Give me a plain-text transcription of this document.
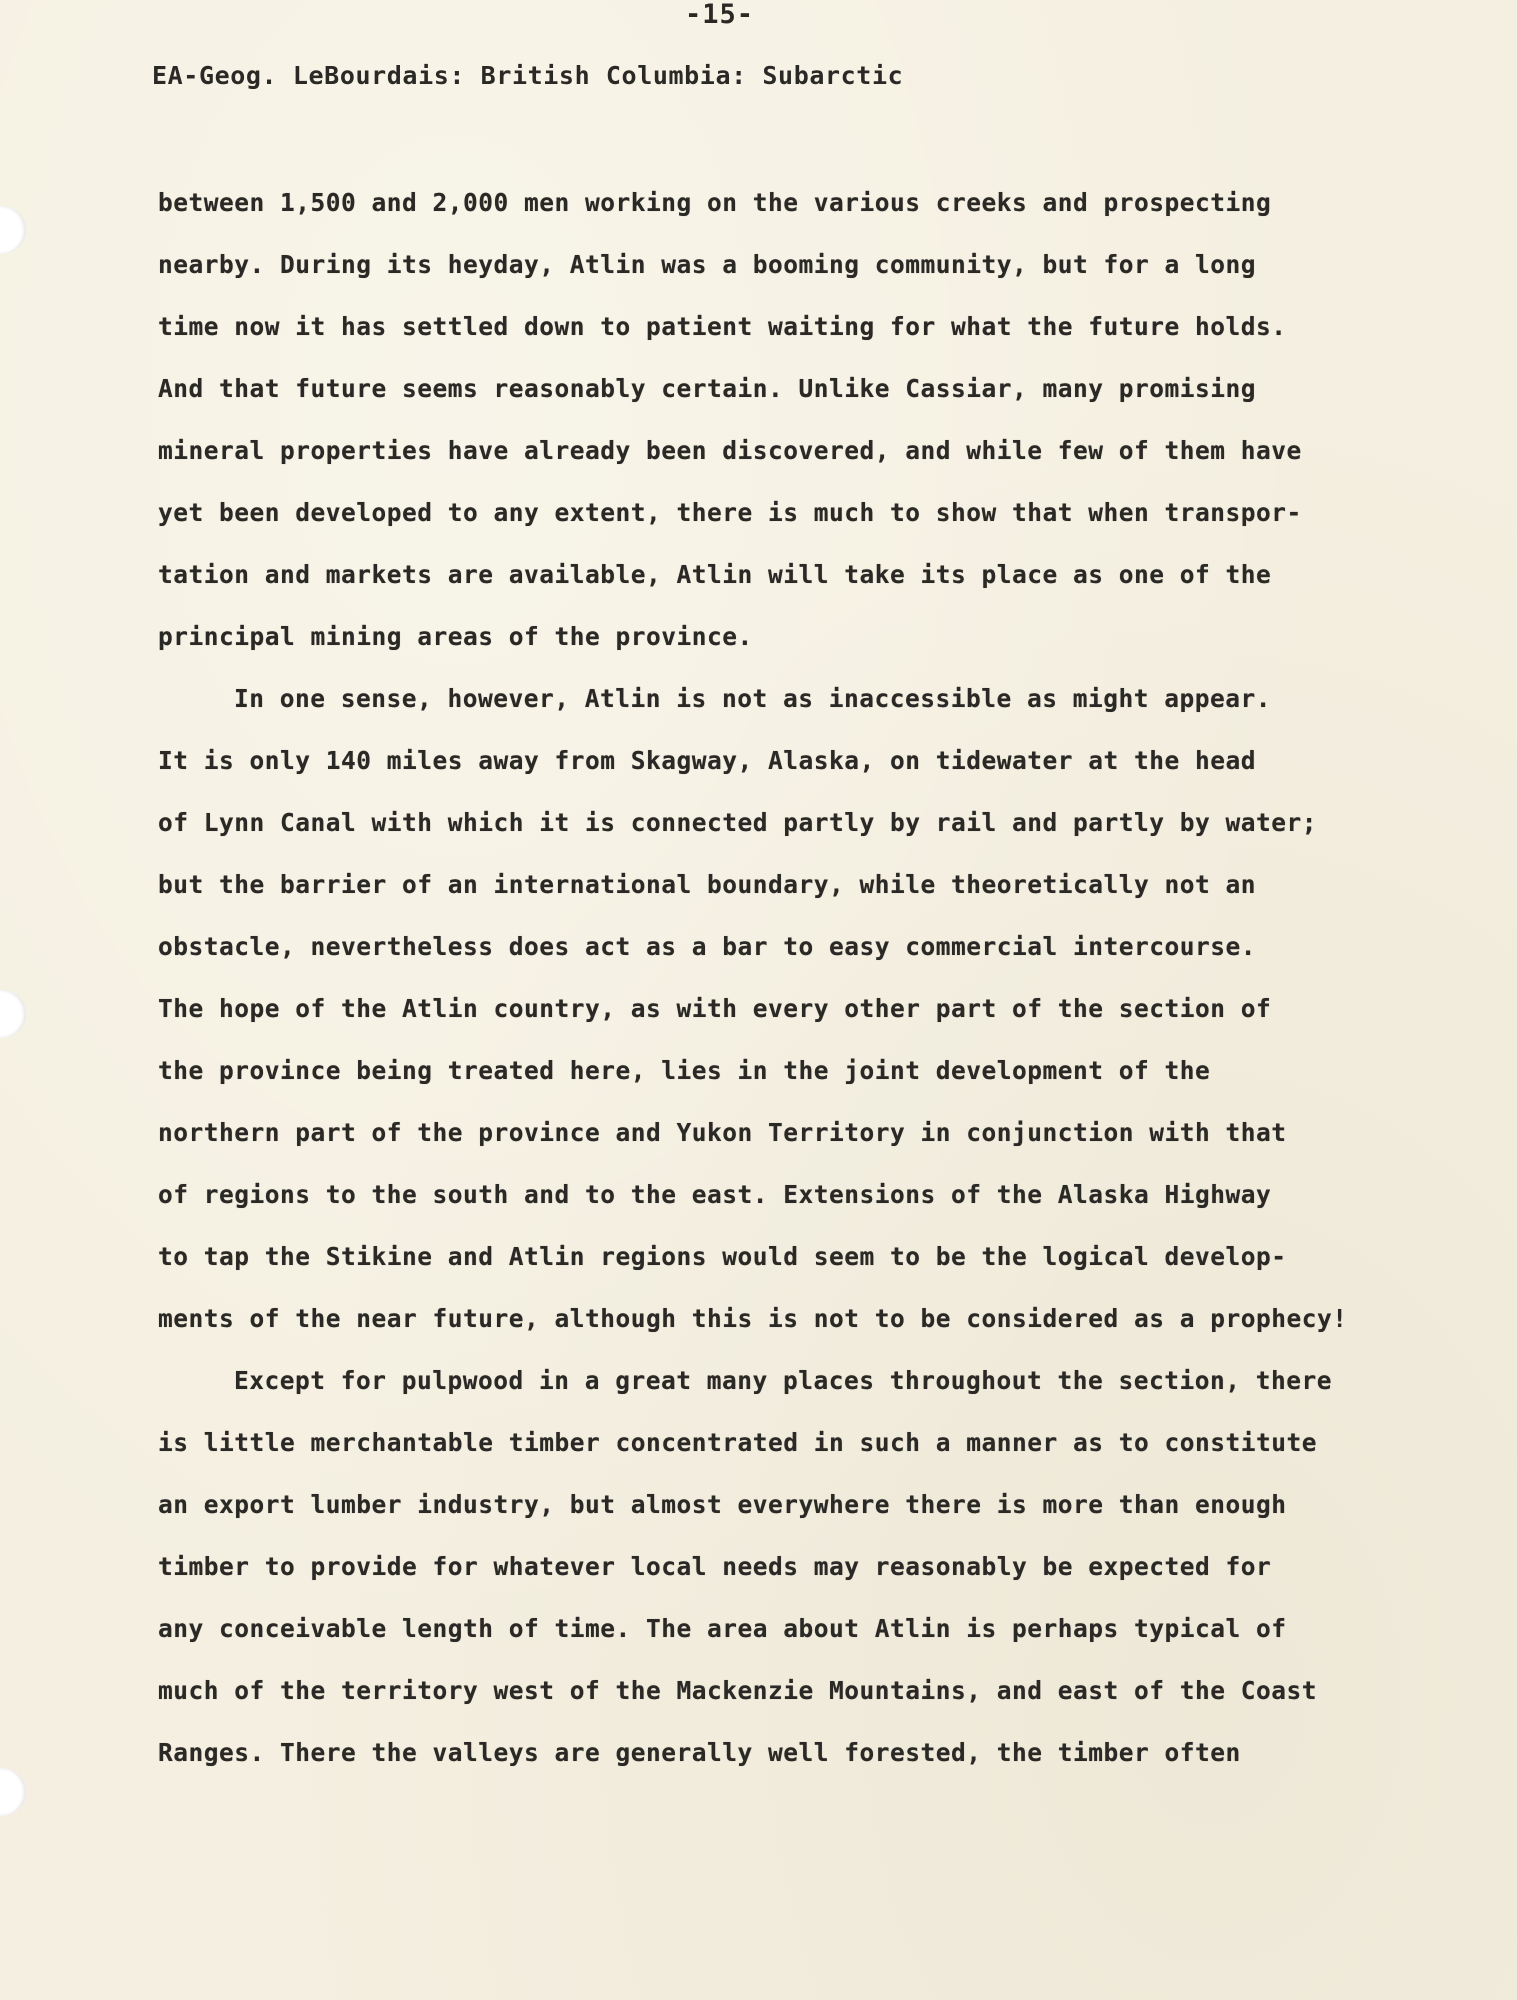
-15-
EA-Geog. LeBourdais: British Columbia: Subarctic
between 1,500 and 2,000 men working on the various creeks and prospecting
nearby. During its heyday, Atlin was a booming community, but for a long
time now it has settled down to patient waiting for what the future holds.
And that future seems reasonably certain. Unlike Cassiar, many promising
mineral properties have already been discovered, and while few of them have
yet been developed to any extent, there is much to show that when transpor-
tation and markets are available, Atlin will take its place as one of the
principal mining areas of the province.
In one sense, however, Atlin is not as inaccessible as might appear.
It is only 140 miles away from Skagway, Alaska, on tidewater at the head
of Lynn Canal with which it is connected partly by rail and partly by water;
but the barrier of an international boundary, while theoretically not an
obstacle, nevertheless does act as a bar to easy commercial intercourse.
The hope of the Atlin country, as with every other part of the section of
the province being treated here, lies in the joint development of the
northern part of the province and Yukon Territory in conjunction with that
of regions to the south and to the east. Extensions of the Alaska Highway
to tap the Stikine and Atlin regions would seem to be the logical develop-
ments of the near future, although this is not to be considered as a prophecy!
Except for pulpwood in a great many places throughout the section, there
is little merchantable timber concentrated in such a manner as to constitute
an export lumber industry, but almost everywhere there is more than enough
timber to provide for whatever local needs may reasonably be expected for
any conceivable length of time. The area about Atlin is perhaps typical of
much of the territory west of the Mackenzie Mountains, and east of the Coast
Ranges. There the valleys are generally well forested, the timber often
